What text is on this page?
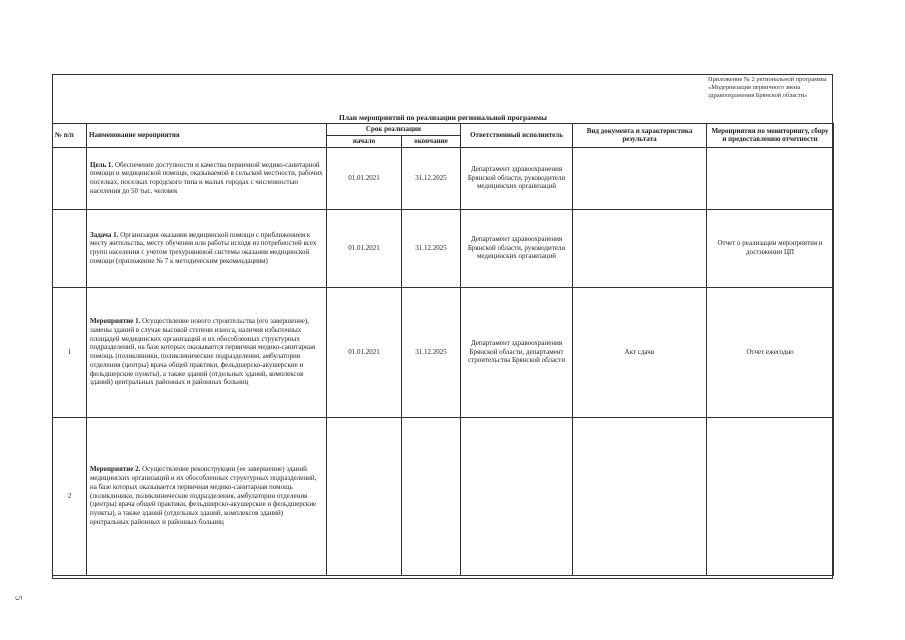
5
Приложение № 2 региональной программы «Модернизация первичного звена здравоохранения Брянской области»
План мероприятий по реализации региональной программы
№ п/п	Наименование мероприятия	Срок реализации		Ответственный исполнитель	Вид документа и характеристика результата	Мероприятия по мониторингу, сбору и предоставлению отчетности
		начало	окончание			
	Цель 1. Обеспечение доступности и качества первичной медико-санитарной помощи и медицинской помощи, оказываемой в сельской местности, рабочих поселках, поселках городского типа и малых городах с численностью населения до 50 тыс. человек	01.01.2021	31.12.2025	Департамент здравоохранения Брянской области, руководители медицинских организаций		
	Задача 1. Организация оказания медицинской помощи с приближением к месту жительства, месту обучения или работы исходя из потребностей всех групп населения с учетом трехуровневой системы оказания медицинской помощи (приложение № 7 к методическим рекомендациям)	01.01.2021	31.12.2025	Департамент здравоохранения Брянской области, руководители медицинских организаций		Отчет о реализации мероприятия и достижении ЦП
1	Мероприятие 1. Осуществление нового строительства (его завершение), замены зданий в случае высокой степени износа, наличия избыточных площадей медицинских организаций и их обособленных структурных подразделений, на базе которых оказывается первичная медико-санитарная помощь (поликлиники, поликлинические подразделения, амбулатории отделения (центры) врача общей практики, фельдшерско-акушерские и фельдшерские пункты), а также зданий (отдельных зданий, комплексов зданий) центральных районных и районных больниц	01.01.2021	31.12.2025	Департамент здравоохранения Брянской области, департамент строительства Брянской области	Акт сдачи	Отчет ежегодно
2	Мероприятие 2. Осуществление реконструкции (ее завершение) зданий медицинских организаций и их обособленных структурных подразделений, на базе которых оказывается первичная медико-санитарная помощь (поликлиники, поликлинические подразделения, амбулатории отделения (центры) врача общей практики, фельдшерско-акушерские и фельдшерские пункты), а также зданий (отдельных зданий, комплексов зданий) центральных районных и районных больниц					
